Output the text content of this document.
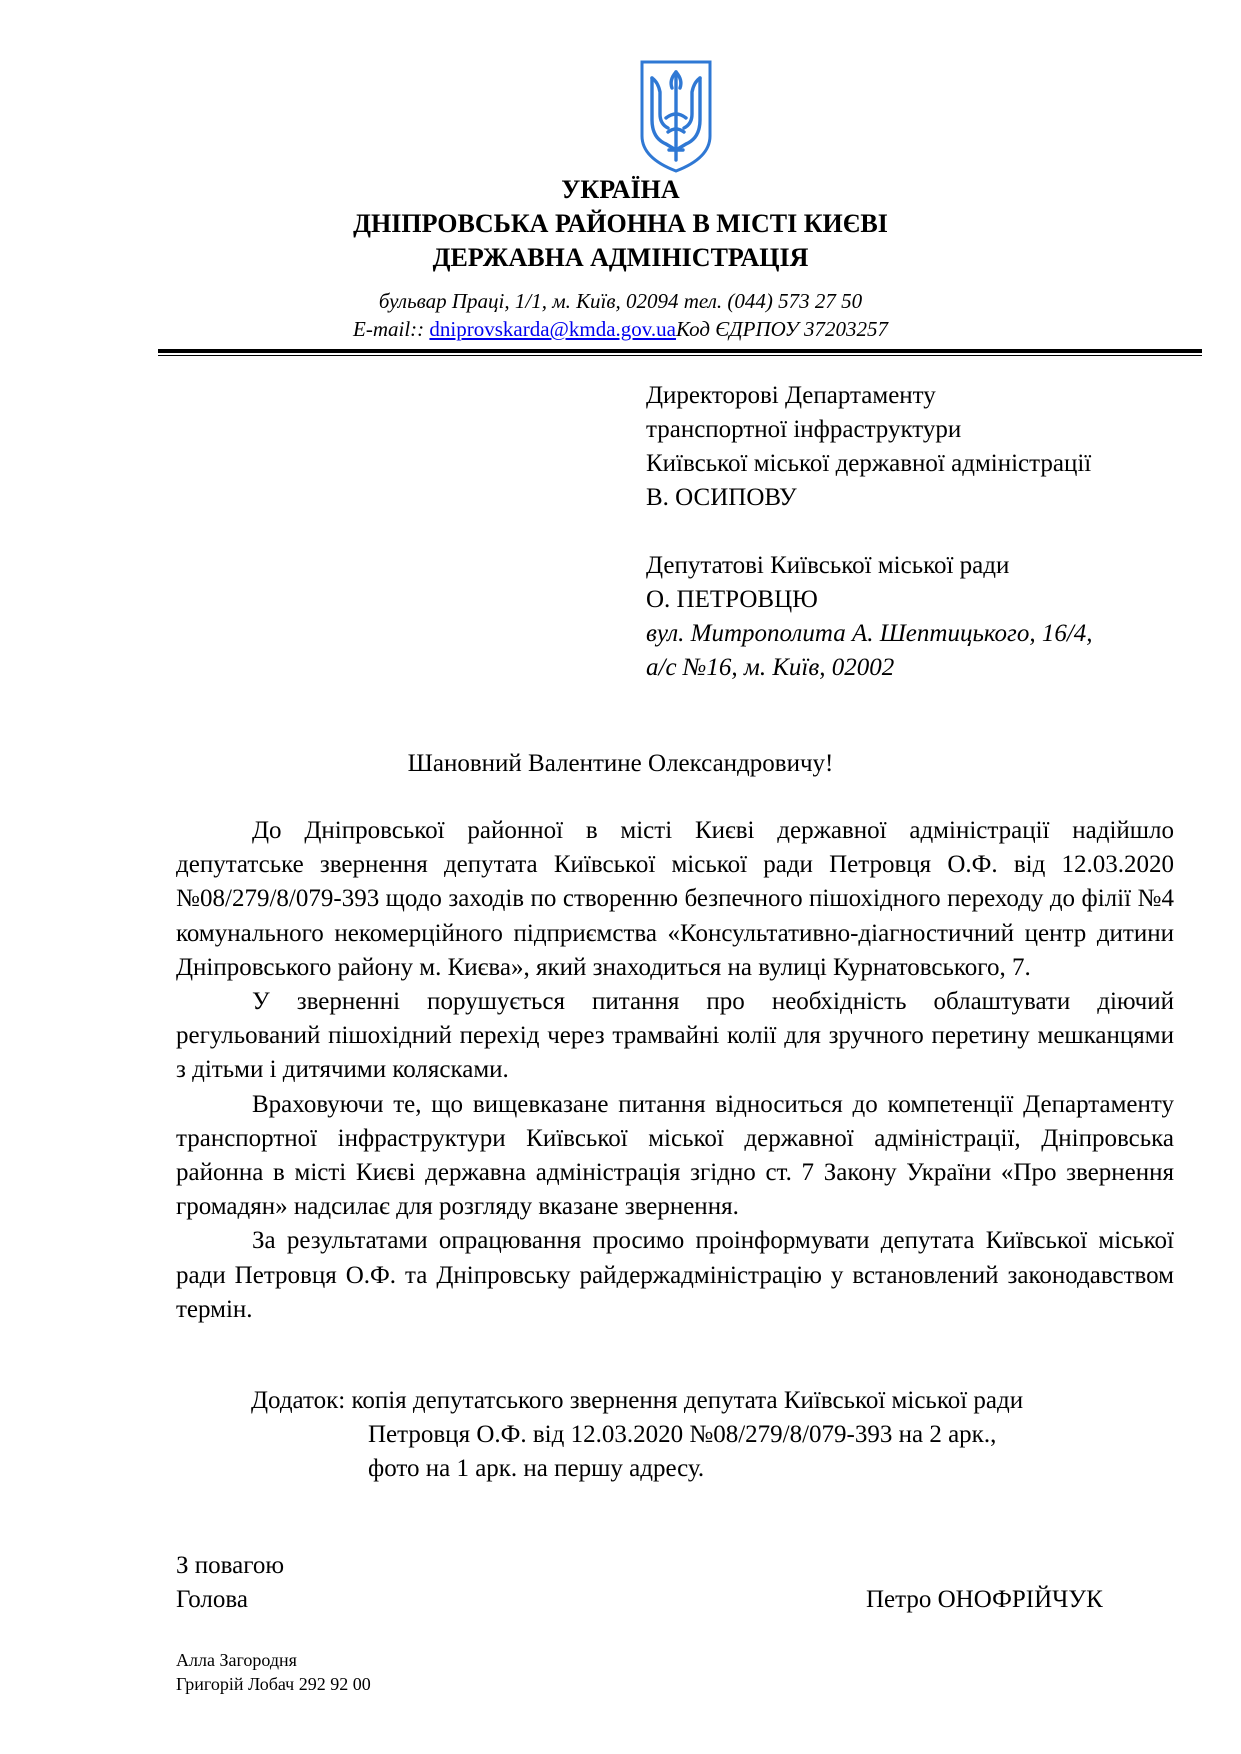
УКРАЇНА
ДНІПРОВСЬКА РАЙОННА В МІСТІ КИЄВІ
ДЕРЖАВНА АДМІНІСТРАЦІЯ
бульвар Праці, 1/1, м. Київ, 02094 тел. (044) 573 27 50
E-mail:: dniprovskarda@kmda.gov.uaКод ЄДРПОУ 37203257
Директорові Департаменту
транспортної інфраструктури
Київської міської державної адміністрації
В. ОСИПОВУ
Депутатові Київської міської ради
О. ПЕТРОВЦЮ
вул. Митрополита А. Шептицького, 16/4,
а/с №16, м. Київ, 02002
Шановний Валентине Олександровичу!

До Дніпровської районної в місті Києві державної адміністрації надійшло депутатське звернення депутата Київської міської ради Петровця О.Ф. від 12.03.2020 №08/279/8/079-393 щодо заходів по створенню безпечного пішохідного переходу до філії №4 комунального некомерційного підприємства «Консультативно-діагностичний центр дитини Дніпровського району м. Києва», який знаходиться на вулиці Курнатовського, 7.

У зверненні порушується питання про необхідність облаштувати діючий регульований пішохідний перехід через трамвайні колії для зручного перетину мешканцями з дітьми і дитячими колясками.

Враховуючи те, що вищевказане питання відноситься до компетенції Департаменту транспортної інфраструктури Київської міської державної адміністрації, Дніпровська районна в місті Києві державна адміністрація згідно ст. 7 Закону України «Про звернення громадян» надсилає для розгляду вказане звернення.

За результатами опрацювання просимо проінформувати депутата Київської міської ради Петровця О.Ф. та Дніпровську райдержадміністрацію у встановлений законодавством термін.

Додаток: копія депутатського звернення депутата Київської міської ради
Петровця О.Ф. від 12.03.2020 №08/279/8/079-393 на 2 арк.,
фото на 1 арк. на першу адресу.
З повагою
Голова	Петро ОНОФРІЙЧУК
Алла Загородня
Григорій Лобач 292 92 00
